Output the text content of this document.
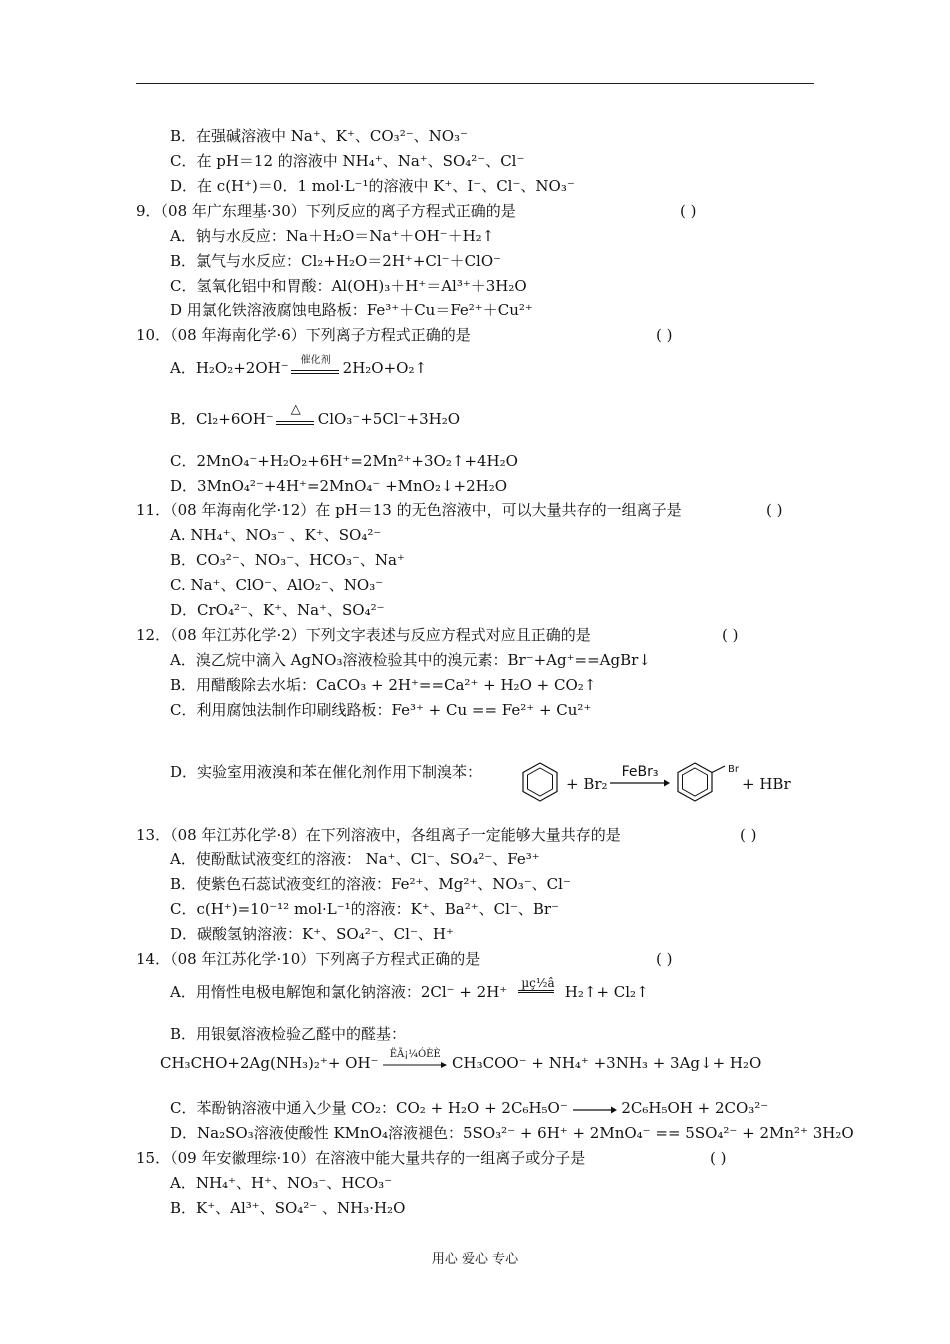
B．在强碱溶液中 Na⁺、K⁺、CO₃²⁻、NO₃⁻
C．在 pH＝12 的溶液中 NH₄⁺、Na⁺、SO₄²⁻、Cl⁻
D．在 c(H⁺)＝0．1 mol·L⁻¹的溶液中 K⁺、I⁻、Cl⁻、NO₃⁻
9．（08 年广东理基·30）下列反应的离子方程式正确的是	( )
A．钠与水反应：Na＋H₂O＝Na⁺＋OH⁻＋H₂↑
B．氯气与水反应：Cl₂+H₂O＝2H⁺+Cl⁻＋ClO⁻
C．氢氧化铝中和胃酸：Al(OH)₃＋H⁺＝Al³⁺＋3H₂O
D 用氯化铁溶液腐蚀电路板：Fe³⁺＋Cu＝Fe²⁺＋Cu²⁺
10．（08 年海南化学·6）下列离子方程式正确的是	( )
A．H₂O₂+2OH⁻	催化剂 2H₂O+O₂↑
B．Cl₂+6OH⁻
△
ClO₃⁻+5Cl⁻+3H₂O
C．2MnO₄⁻+H₂O₂+6H⁺=2Mn²⁺+3O₂↑+4H₂O
D．3MnO₄²⁻+4H⁺=2MnO₄⁻ +MnO₂↓+2H₂O
11．（08 年海南化学·12）在 pH＝13 的无色溶液中，可以大量共存的一组离子是	( )
A. NH₄⁺、NO₃⁻ 、K⁺、SO₄²⁻
B．CO₃²⁻、NO₃⁻、HCO₃⁻、Na⁺
C. Na⁺、ClO⁻、AlO₂⁻、NO₃⁻
D．CrO₄²⁻、K⁺、Na⁺、SO₄²⁻
12．（08 年江苏化学·2）下列文字表述与反应方程式对应且正确的是	( )
A．溴乙烷中滴入 AgNO₃溶液检验其中的溴元素：Br⁻+Ag⁺==AgBr↓
B．用醋酸除去水垢：CaCO₃ + 2H⁺==Ca²⁺ + H₂O + CO₂↑
C．利用腐蚀法制作印刷线路板：Fe³⁺ + Cu == Fe²⁺ + Cu²⁺
D．实验室用液溴和苯在催化剂作用下制溴苯：
+ Br₂
FeBr₃	Br
+ HBr
13．（08 年江苏化学·8）在下列溶液中，各组离子一定能够大量共存的是	( )
A．使酚酞试液变红的溶液： Na⁺、Cl⁻、SO₄²⁻、Fe³⁺
B．使紫色石蕊试液变红的溶液：Fe²⁺、Mg²⁺、NO₃⁻、Cl⁻
C．c(H⁺)=10⁻¹² mol·L⁻¹的溶液：K⁺、Ba²⁺、Cl⁻、Br⁻
D．碳酸氢钠溶液：K⁺、SO₄²⁻、Cl⁻、H⁺
14．（08 年江苏化学·10）下列离子方程式正确的是	( )
A．用惰性电极电解饱和氯化钠溶液：2Cl⁻ + 2H⁺ µç½â H₂↑+ Cl₂↑
B．用银氨溶液检验乙醛中的醛基：
CH₃CHO+2Ag(NH₃)₂⁺+ OH⁻	ËÃ¡¼ÓÈÈ CH₃COO⁻ + NH₄⁺ +3NH₃ + 3Ag↓+ H₂O
C．苯酚钠溶液中通入少量 CO₂：CO₂ + H₂O + 2C₆H₅O⁻ → 2C₆H₅OH + 2CO₃²⁻
D．Na₂SO₃溶液使酸性 KMnO₄溶液褪色：5SO₃²⁻ + 6H⁺ + 2MnO₄⁻ == 5SO₄²⁻ + 2Mn²⁺ 3H₂O
15．（09 年安徽理综·10）在溶液中能大量共存的一组离子或分子是	( )
A．NH₄⁺、H⁺、NO₃⁻、HCO₃⁻
B．K⁺、Al³⁺、SO₄²⁻ 、NH₃·H₂O
用心 爱心 专心
